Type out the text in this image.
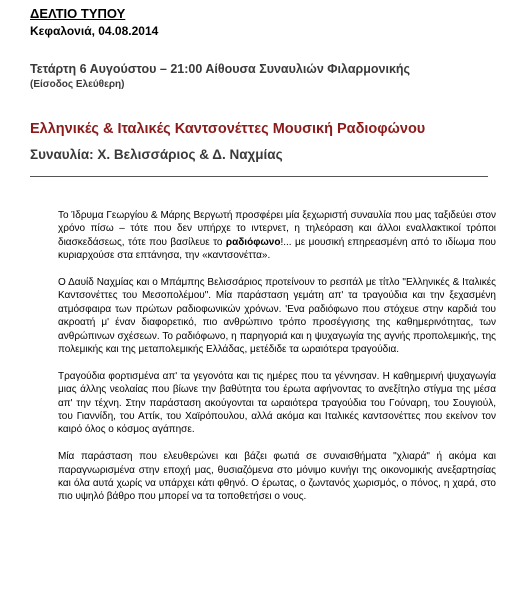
ΔΕΛΤΙΟ ΤΥΠΟΥ
Κεφαλονιά, 04.08.2014
Τετάρτη 6 Αυγούστου – 21:00 Αίθουσα Συναυλιών Φιλαρμονικής
(Είσοδος Ελεύθερη)
Ελληνικές & Ιταλικές Καντσονέττες Μουσική Ραδιοφώνου
Συναυλία: Χ. Βελισσάριος & Δ. Ναχμίας

Το Ίδρυμα Γεωργίου & Μάρης Βεργωτή προσφέρει μία ξεχωριστή συναυλία που μας ταξιδεύει στον χρόνο πίσω – τότε που δεν υπήρχε το ιντερνετ, η τηλεόραση και άλλοι εναλλακτικοί τρόποι διασκεδάσεως, τότε που βασίλευε το ραδιόφωνο!... με μουσική επηρεασμένη από το ιδίωμα που κυριαρχούσε στα επτάνησα, την «καντσονέττα».

Ο Δαυίδ Ναχμίας και ο Μπάμπης Βελισσάριος προτείνουν το ρεσιτάλ με τίτλο "Ελληνικές & Ιταλικές Καντσονέττες του Μεσοπολέμου". Μία παράσταση γεμάτη απ' τα τραγούδια και την ξεχασμένη ατμόσφαιρα των πρώτων ραδιοφωνικών χρόνων. 'Ενα ραδιόφωνο που στόχευε στην καρδιά του ακροατή μ' έναν διαφορετικό, πιο ανθρώπινο τρόπο προσέγγισης της καθημερινότητας, των ανθρώπινων σχέσεων. Το ραδιόφωνο, η παρηγοριά και η ψυχαγωγία της αγνής προπολεμικής, της πολεμικής και της μεταπολεμικής Ελλάδας, μετέδιδε τα ωραιότερα τραγούδια.

Τραγούδια φορτισμένα απ' τα γεγονότα και τις ημέρες που τα γέννησαν. Η καθημερινή ψυχαγωγία μιας άλλης νεολαίας που βίωνε την βαθύτητα του έρωτα αφήνοντας το ανεξίτηλο στίγμα της μέσα απ' την τέχνη. Στην παράσταση ακούγονται τα ωραιότερα τραγούδια του Γούναρη, του Σουγιούλ, του Γιαννίδη, του Αττίκ, του Χαϊρόπουλου, αλλά ακόμα και Ιταλικές καντσονέττες που εκείνον τον καιρό όλος ο κόσμος αγάπησε.

Μία παράσταση που ελευθερώνει και βάζει φωτιά σε συναισθήματα "χλιαρά" ή ακόμα και παραγνωρισμένα στην εποχή μας, θυσιαζόμενα στο μόνιμο κυνήγι της οικονομικής ανεξαρτησίας και όλα αυτά χωρίς να υπάρχει κάτι φθηνό. Ο έρωτας, ο ζωντανός χωρισμός, ο πόνος, η χαρά, στο πιο υψηλό βάθρο που μπορεί να τα τοποθετήσει ο νους.
